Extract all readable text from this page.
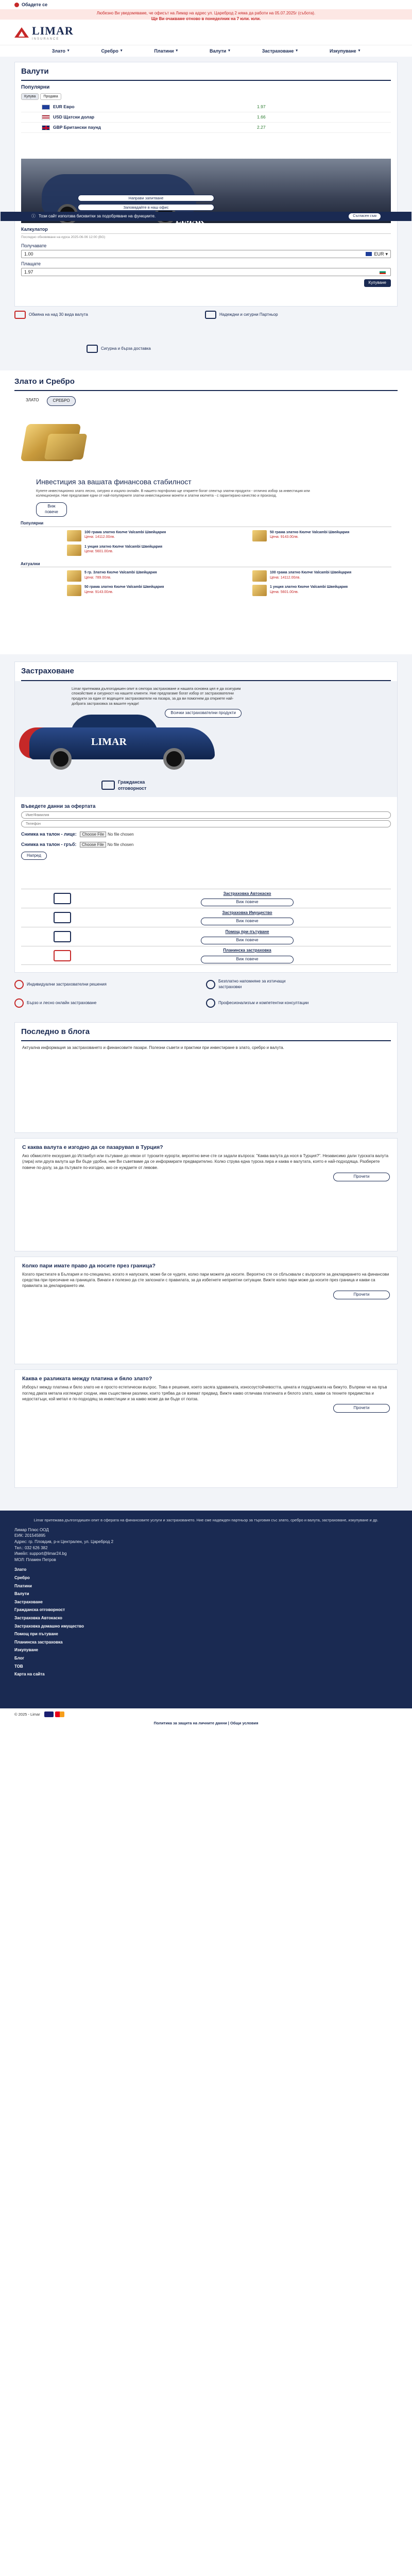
Обадете се
Любезно Ви уведомяваме, че офисът на Лимар на адрес ул. Цареброд 2 няма да работи на 05.07.2025г (събота).
Ще Ви очакваме отново в понеделник на 7 юли. юли.
LIMAR
INSURANCE
Злато ▾	Сребро ▾	Платини ▾	Валути ▾	Застраховане ▾	Изкупуване ▾
Валути
Популярни
Купува	Продава
EUR Евро	1.97
USD Щатски долар	1.66
GBP Британски паунд	2.27
Направи запитване
Заповядайте в наш офис
Калкулатор
Последно обновяване на курса 2025-06-06 12:00 (BG)
Получавате
1.00	EUR ▾
Плащате
1.97
Купуване
ⓘ Този сайт използва бисквитки за подобряване на функциите.	Съгласен съм
Обмяна на над 30 вида валута	Надеждни и сигурни Партньор
Сигурна и бърза доставка
Злато и Сребро
ЗЛАТО	СРЕБРО
Инвестиция за вашата финансова стабилност
Купете инвестиционно злато лесно, сигурно и изцяло онлайн. В нашето портфолио ще откриете богат спектър златни продукти - отлично избор за инвестиция или колекционери. Ние предлагаме едни от най-популярните златни инвестиционни монети и златни кюлчета - с гарантирано качество и произход.
Виж повече
Популярни
100 грама златно Кюлче Valcambi Швейцария
Цена: 14112.00лв.
50 грама златно Кюлче Valcambi Швейцария
Цена: 9143.00лв.
1 унция златно Кюлче Valcambi Швейцария
Цена: 5601.00лв.
Актуални
5 гр. Златно Кюлче Valcambi Швейцария
Цена: 789.00лв.
100 грама златно Кюлче Valcambi Швейцария
Цена: 14112.00лв.
50 грама златно Кюлче Valcambi Швейцария
Цена: 9143.00лв.
1 унция златно Кюлче Valcambi Швейцария
Цена: 5601.00лв.
Застраховане
Limar притежава дългогодишен опит в сектора застраховане и нашата основна цел е да осигурим спокойствие и сигурност на нашите клиенти. Ние предлагаме богат избор от застрахователни продукти за един от водещите застрахователи на пазара, за да ви помогнем да откриете най-добрата застраховка за вашите нужди!
Всички застрахователни продукти
LIMAR
Гражданска отговорност
Въведете данни за офертата
Име/Фамилия
Телефон
Снимка на талон - лице: Choose File No file chosen
Снимка на талон - гръб: Choose File No file chosen
Напред
Застраховка Автокаско
Виж повече
Застраховка Имущество
Виж повече
Помощ при пътуване
Виж повече
Планинска застраховка
Виж повече
Индивидуални застрахователни решения
Безплатно напомняне за изтичащи застраховки
Бързо и лесно онлайн застраховане	Професионализъм и компетентни консултации
Последно в блога
Актуална информация за застраховането и финансовите пазари. Полезни съвети и практики при инвестиране в злато, сребро и валута.
С каква валута е изгодно да се пазаруваn в Турция?

Ако обмисляте екскурзия до Истанбул или пътуване до някои от турските курорти, вероятно вече сте си задали въпроса: "Каква валута да нося в Турция?". Независимо дали турската валута (лира) или друга валута ще Ви бъде удобна, ние Ви съветваме да се информирате предварително. Колко струва една турска лира и каква е валутата, която е най-подходяща. Разберете повече по-долу, за да пътувате по-изгодно, ако се нуждаете от левове.

Прочети
Колко пари имате право да носите през граница?

Когато пристигате в България и по-специално, когато я напускате, може би се чудите, колко пари можете да носите. Вероятно сте се сблъсквали с въпросите за декларирането на финансови средства при пресичане на границата. Винаги е полезно да сте запознати с правилата, за да избегнете неприятни ситуации. Вижте колко пари може да носите през граница и какви са правилата за декларирането им.

Прочети
Каква е разликата между платина и бяло злато?

Изборът между платина и бяло злато не е просто естетически въпрос. Това е решение, което засяга здравината, износоустойчивостта, цената и поддръжката на бижуто. Въпреки че на пръв поглед двата метала изглеждат сходни, има съществени разлики, които трябва да се вземат предвид. Вижте какво отличава платината и бялото злато, какви са техните предимства и недостатъци, кой метал е по-подходящ за инвестиции и за какво може да ви бъде от полза.

Прочети
Limar притежава дългогодишен опит в сферата на финансовите услуги и застраховането. Ние сме надежден партньор за търговия със злато, сребро и валута, застраховане, изкупуване и др.
Лимар Плюс ООД
ЕИК: 201545895
Адрес: гр. Пловдив, р-н Централен, ул. Цареброд 2
Тел.: 032 626 382
Имейл: support@limar24.bg
МОЛ: Пламен Петров
Злато
Сребро
Платини
Валути
Застраховане
Гражданска отговорност
Застраховка Автокаско
Застраховка домашно имущество
Помощ при пътуване
Планинска застраховка
Изкупуване
Блог
ТОВ
Карта на сайта
© 2025 - Limar
Политика за защита на личните данни | Общи условия
